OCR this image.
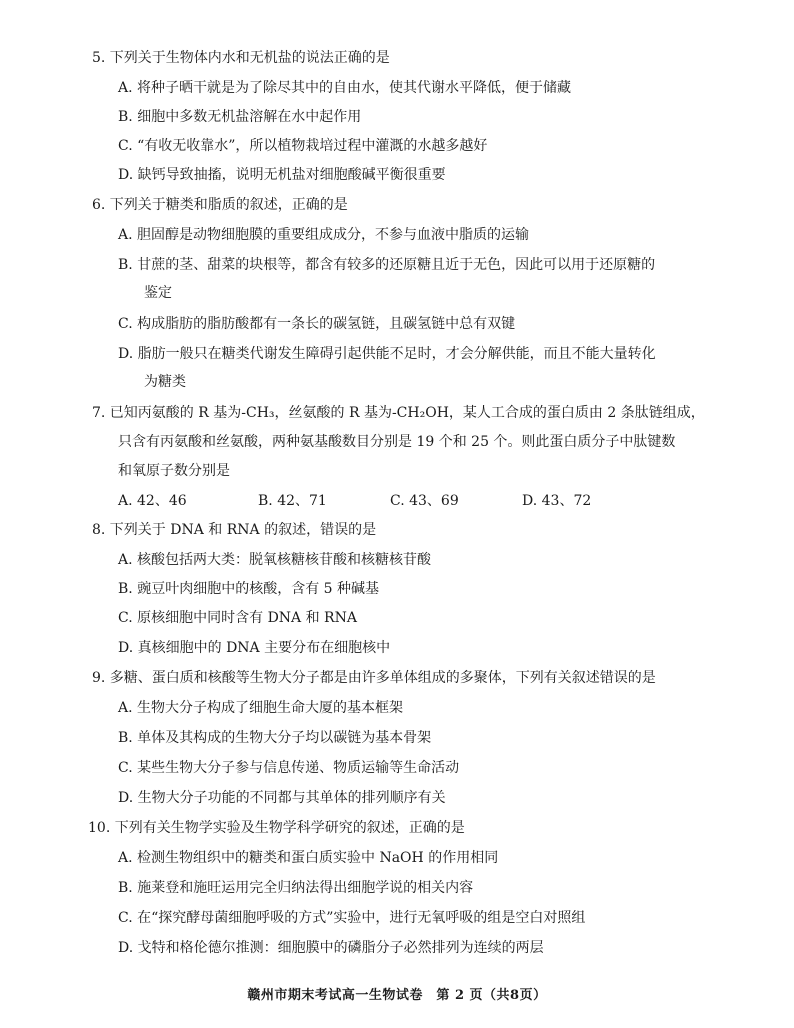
5. 下列关于生物体内水和无机盐的说法正确的是
A. 将种子晒干就是为了除尽其中的自由水，使其代谢水平降低，便于储藏
B. 细胞中多数无机盐溶解在水中起作用
C. “有收无收靠水”，所以植物栽培过程中灌溉的水越多越好
D. 缺钙导致抽搐，说明无机盐对细胞酸碱平衡很重要
6. 下列关于糖类和脂质的叙述，正确的是
A. 胆固醇是动物细胞膜的重要组成成分，不参与血液中脂质的运输
B. 甘蔗的茎、甜菜的块根等，都含有较多的还原糖且近于无色，因此可以用于还原糖的
鉴定
C. 构成脂肪的脂肪酸都有一条长的碳氢链，且碳氢链中总有双键
D. 脂肪一般只在糖类代谢发生障碍引起供能不足时，才会分解供能，而且不能大量转化
为糖类
7. 已知丙氨酸的 R 基为-CH₃，丝氨酸的 R 基为-CH₂OH，某人工合成的蛋白质由 2 条肽链组成，
只含有丙氨酸和丝氨酸，两种氨基酸数目分别是 19 个和 25 个。则此蛋白质分子中肽键数
和氧原子数分别是
A. 42、46	B. 42、71	C. 43、69	D. 43、72
8. 下列关于 DNA 和 RNA 的叙述，错误的是
A. 核酸包括两大类：脱氧核糖核苷酸和核糖核苷酸
B. 豌豆叶肉细胞中的核酸，含有 5 种碱基
C. 原核细胞中同时含有 DNA 和 RNA
D. 真核细胞中的 DNA 主要分布在细胞核中
9. 多糖、蛋白质和核酸等生物大分子都是由许多单体组成的多聚体，下列有关叙述错误的是
A. 生物大分子构成了细胞生命大厦的基本框架
B. 单体及其构成的生物大分子均以碳链为基本骨架
C. 某些生物大分子参与信息传递、物质运输等生命活动
D. 生物大分子功能的不同都与其单体的排列顺序有关
10. 下列有关生物学实验及生物学科学研究的叙述，正确的是
A. 检测生物组织中的糖类和蛋白质实验中 NaOH 的作用相同
B. 施莱登和施旺运用完全归纳法得出细胞学说的相关内容
C. 在“探究酵母菌细胞呼吸的方式”实验中，进行无氧呼吸的组是空白对照组
D. 戈特和格伦德尔推测：细胞膜中的磷脂分子必然排列为连续的两层
赣州市期末考试高一生物试卷　第 2 页（共8页）
